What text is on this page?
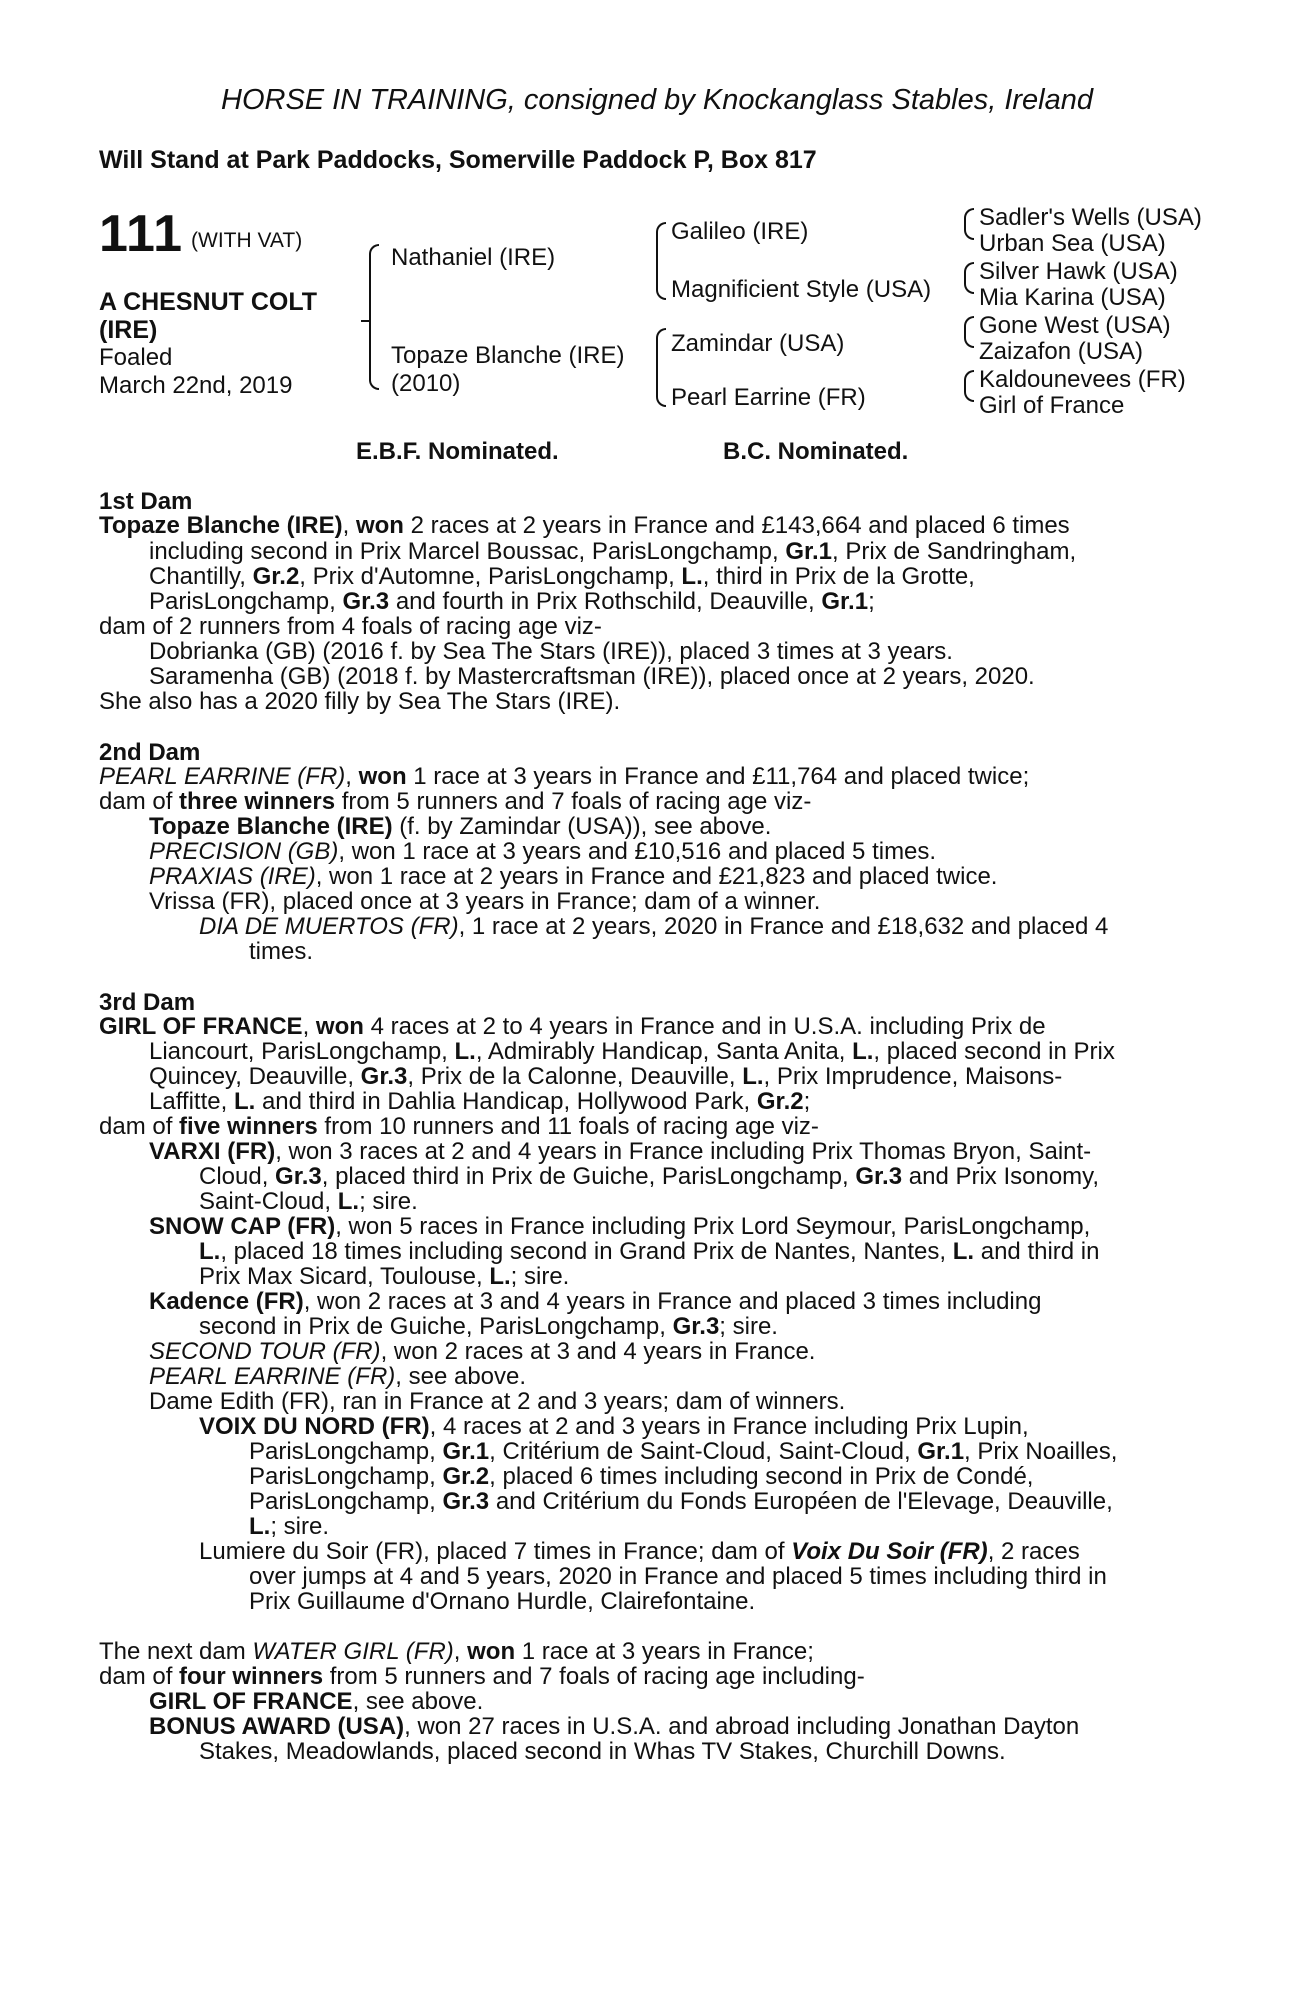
HORSE IN TRAINING, consigned by Knockanglass Stables, Ireland
Will Stand at Park Paddocks, Somerville Paddock P, Box 817
111 (WITH VAT)
A CHESNUT COLT
(IRE)
Foaled
March 22nd, 2019
Nathaniel (IRE)
Topaze Blanche (IRE)
(2010)
Galileo (IRE)
Magnificient Style (USA)
Zamindar (USA)
Pearl Earrine (FR)
Sadler's Wells (USA)
Urban Sea (USA)
Silver Hawk (USA)
Mia Karina (USA)
Gone West (USA)
Zaizafon (USA)
Kaldounevees (FR)
Girl of France
E.B.F. Nominated.	B.C. Nominated.
1st Dam
Topaze Blanche (IRE), won 2 races at 2 years in France and £143,664 and placed 6 times
including second in Prix Marcel Boussac, ParisLongchamp, Gr.1, Prix de Sandringham,
Chantilly, Gr.2, Prix d'Automne, ParisLongchamp, L., third in Prix de la Grotte,
ParisLongchamp, Gr.3 and fourth in Prix Rothschild, Deauville, Gr.1;
dam of 2 runners from 4 foals of racing age viz-
Dobrianka (GB) (2016 f. by Sea The Stars (IRE)), placed 3 times at 3 years.
Saramenha (GB) (2018 f. by Mastercraftsman (IRE)), placed once at 2 years, 2020.
She also has a 2020 filly by Sea The Stars (IRE).
2nd Dam
PEARL EARRINE (FR), won 1 race at 3 years in France and £11,764 and placed twice;
dam of three winners from 5 runners and 7 foals of racing age viz-
Topaze Blanche (IRE) (f. by Zamindar (USA)), see above.
PRECISION (GB), won 1 race at 3 years and £10,516 and placed 5 times.
PRAXIAS (IRE), won 1 race at 2 years in France and £21,823 and placed twice.
Vrissa (FR), placed once at 3 years in France; dam of a winner.
DIA DE MUERTOS (FR), 1 race at 2 years, 2020 in France and £18,632 and placed 4
times.
3rd Dam
GIRL OF FRANCE, won 4 races at 2 to 4 years in France and in U.S.A. including Prix de
Liancourt, ParisLongchamp, L., Admirably Handicap, Santa Anita, L., placed second in Prix
Quincey, Deauville, Gr.3, Prix de la Calonne, Deauville, L., Prix Imprudence, Maisons-
Laffitte, L. and third in Dahlia Handicap, Hollywood Park, Gr.2;
dam of five winners from 10 runners and 11 foals of racing age viz-
VARXI (FR), won 3 races at 2 and 4 years in France including Prix Thomas Bryon, Saint-
Cloud, Gr.3, placed third in Prix de Guiche, ParisLongchamp, Gr.3 and Prix Isonomy,
Saint-Cloud, L.; sire.
SNOW CAP (FR), won 5 races in France including Prix Lord Seymour, ParisLongchamp,
L., placed 18 times including second in Grand Prix de Nantes, Nantes, L. and third in
Prix Max Sicard, Toulouse, L.; sire.
Kadence (FR), won 2 races at 3 and 4 years in France and placed 3 times including
second in Prix de Guiche, ParisLongchamp, Gr.3; sire.
SECOND TOUR (FR), won 2 races at 3 and 4 years in France.
PEARL EARRINE (FR), see above.
Dame Edith (FR), ran in France at 2 and 3 years; dam of winners.
VOIX DU NORD (FR), 4 races at 2 and 3 years in France including Prix Lupin,
ParisLongchamp, Gr.1, Critérium de Saint-Cloud, Saint-Cloud, Gr.1, Prix Noailles,
ParisLongchamp, Gr.2, placed 6 times including second in Prix de Condé,
ParisLongchamp, Gr.3 and Critérium du Fonds Européen de l'Elevage, Deauville,
L.; sire.
Lumiere du Soir (FR), placed 7 times in France; dam of Voix Du Soir (FR), 2 races
over jumps at 4 and 5 years, 2020 in France and placed 5 times including third in
Prix Guillaume d'Ornano Hurdle, Clairefontaine.
The next dam WATER GIRL (FR), won 1 race at 3 years in France;
dam of four winners from 5 runners and 7 foals of racing age including-
GIRL OF FRANCE, see above.
BONUS AWARD (USA), won 27 races in U.S.A. and abroad including Jonathan Dayton
Stakes, Meadowlands, placed second in Whas TV Stakes, Churchill Downs.
